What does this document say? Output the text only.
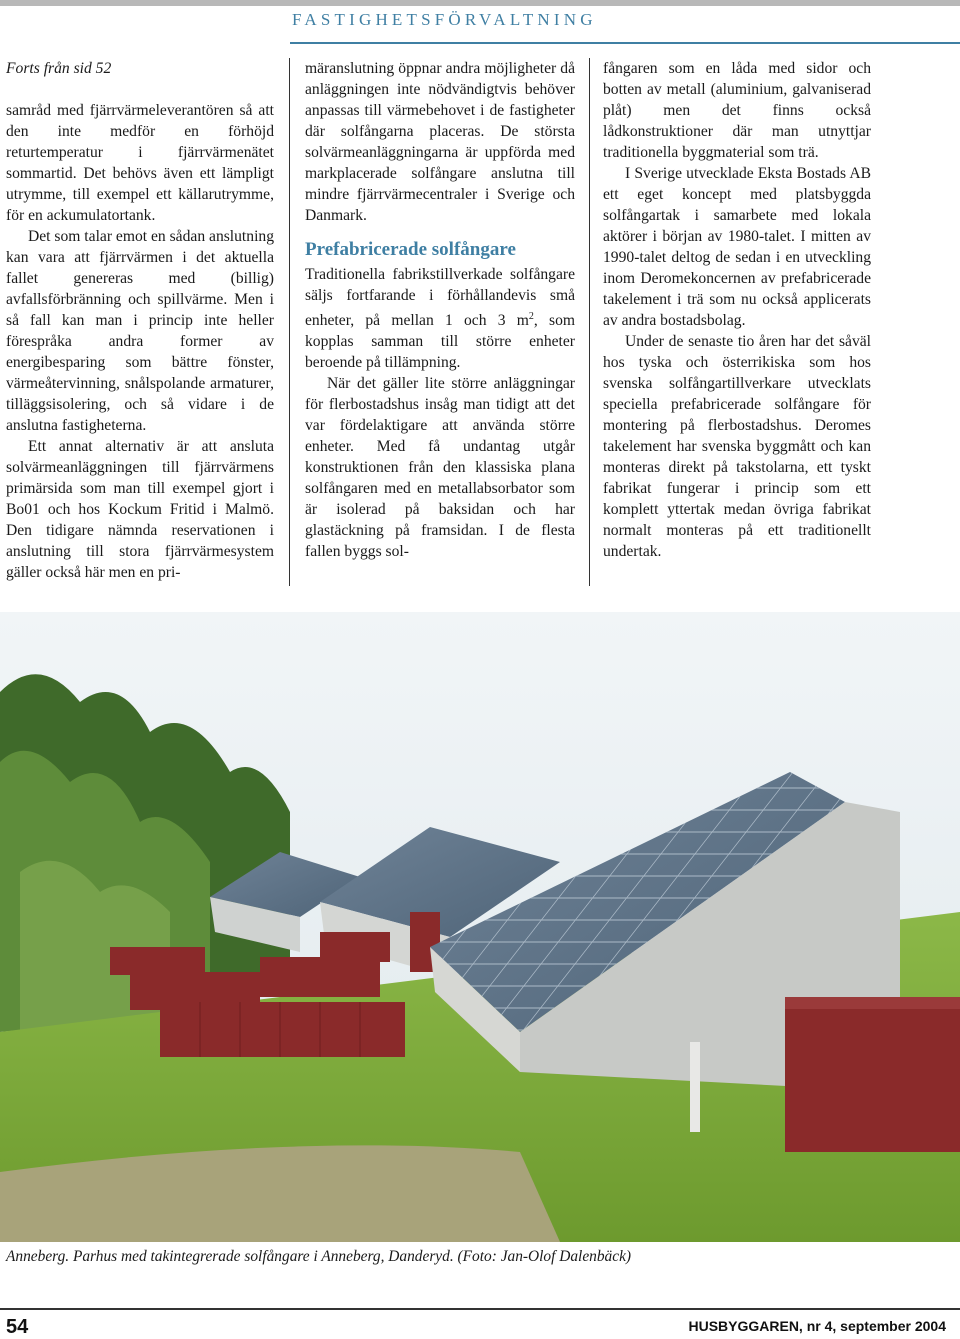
FASTIGHETSFÖRVALTNING

Forts från sid 52

samråd med fjärrvärmeleverantören så att den inte medför en förhöjd returtemperatur i fjärrvärmenätet sommartid. Det behövs även ett lämpligt utrymme, till exempel ett källarutrymme, för en ackumulatortank.

Det som talar emot en sådan anslutning kan vara att fjärrvärmen i det aktuella fallet genereras med (billig) avfallsförbränning och spillvärme. Men i så fall kan man i princip inte heller förespråka andra former av energibesparing som bättre fönster, värmeåtervinning, snålspolande armaturer, tilläggsisolering, och så vidare i de anslutna fastigheterna.

Ett annat alternativ är att ansluta solvärmeanläggningen till fjärrvärmens primärsida som man till exempel gjort i Bo01 och hos Kockum Fritid i Malmö. Den tidigare nämnda reservationen i anslutning till stora fjärrvärmesystem gäller också här men en pri-

märanslutning öppnar andra möjligheter då anläggningen inte nödvändigtvis behöver anpassas till värmebehovet i de fastigheter där solfångarna placeras. De största solvärmeanläggningarna är uppförda med markplacerade solfångare anslutna till mindre fjärrvärmecentraler i Sverige och Danmark.

Prefabricerade solfångare

Traditionella fabrikstillverkade solfångare säljs fortfarande i förhållandevis små enheter, på mellan 1 och 3 $m^2$, som kopplas samman till större enheter beroende på tillämpning.

När det gäller lite större anläggningar för flerbostadshus insåg man tidigt att det var fördelaktigare att använda större enheter. Med få undantag utgår konstruktionen från den klassiska plana solfångaren med en metallabsorbator som är isolerad på baksidan och har glastäckning på framsidan. I de flesta fallen byggs sol-

fångaren som en låda med sidor och botten av metall (aluminium, galvaniserad plåt) men det finns också lådkonstruktioner där man utnyttjar traditionella byggmaterial som trä.

I Sverige utvecklade Eksta Bostads AB ett eget koncept med platsbyggda solfångartak i samarbete med lokala aktörer i början av 1980-talet. I mitten av 1990-talet deltog de sedan i en utveckling inom Deromekoncernen av prefabricerade takelement i trä som nu också applicerats av andra bostadsbolag.

Under de senaste tio åren har det såväl hos tyska och österrikiska som hos svenska solfångartillverkare utvecklats speciella prefabricerade solfångare för montering på flerbostadshus. Deromes takelement har svenska byggmått och kan monteras direkt på takstolarna, ett tyskt fabrikat fungerar i princip som ett komplett yttertak medan övriga fabrikat normalt monteras på ett traditionellt undertak.

Anneberg. Parhus med takintegrerade solfångare i Anneberg, Danderyd. (Foto: Jan-Olof Dalenbäck)
54	HUSBYGGAREN, nr 4, september 2004
